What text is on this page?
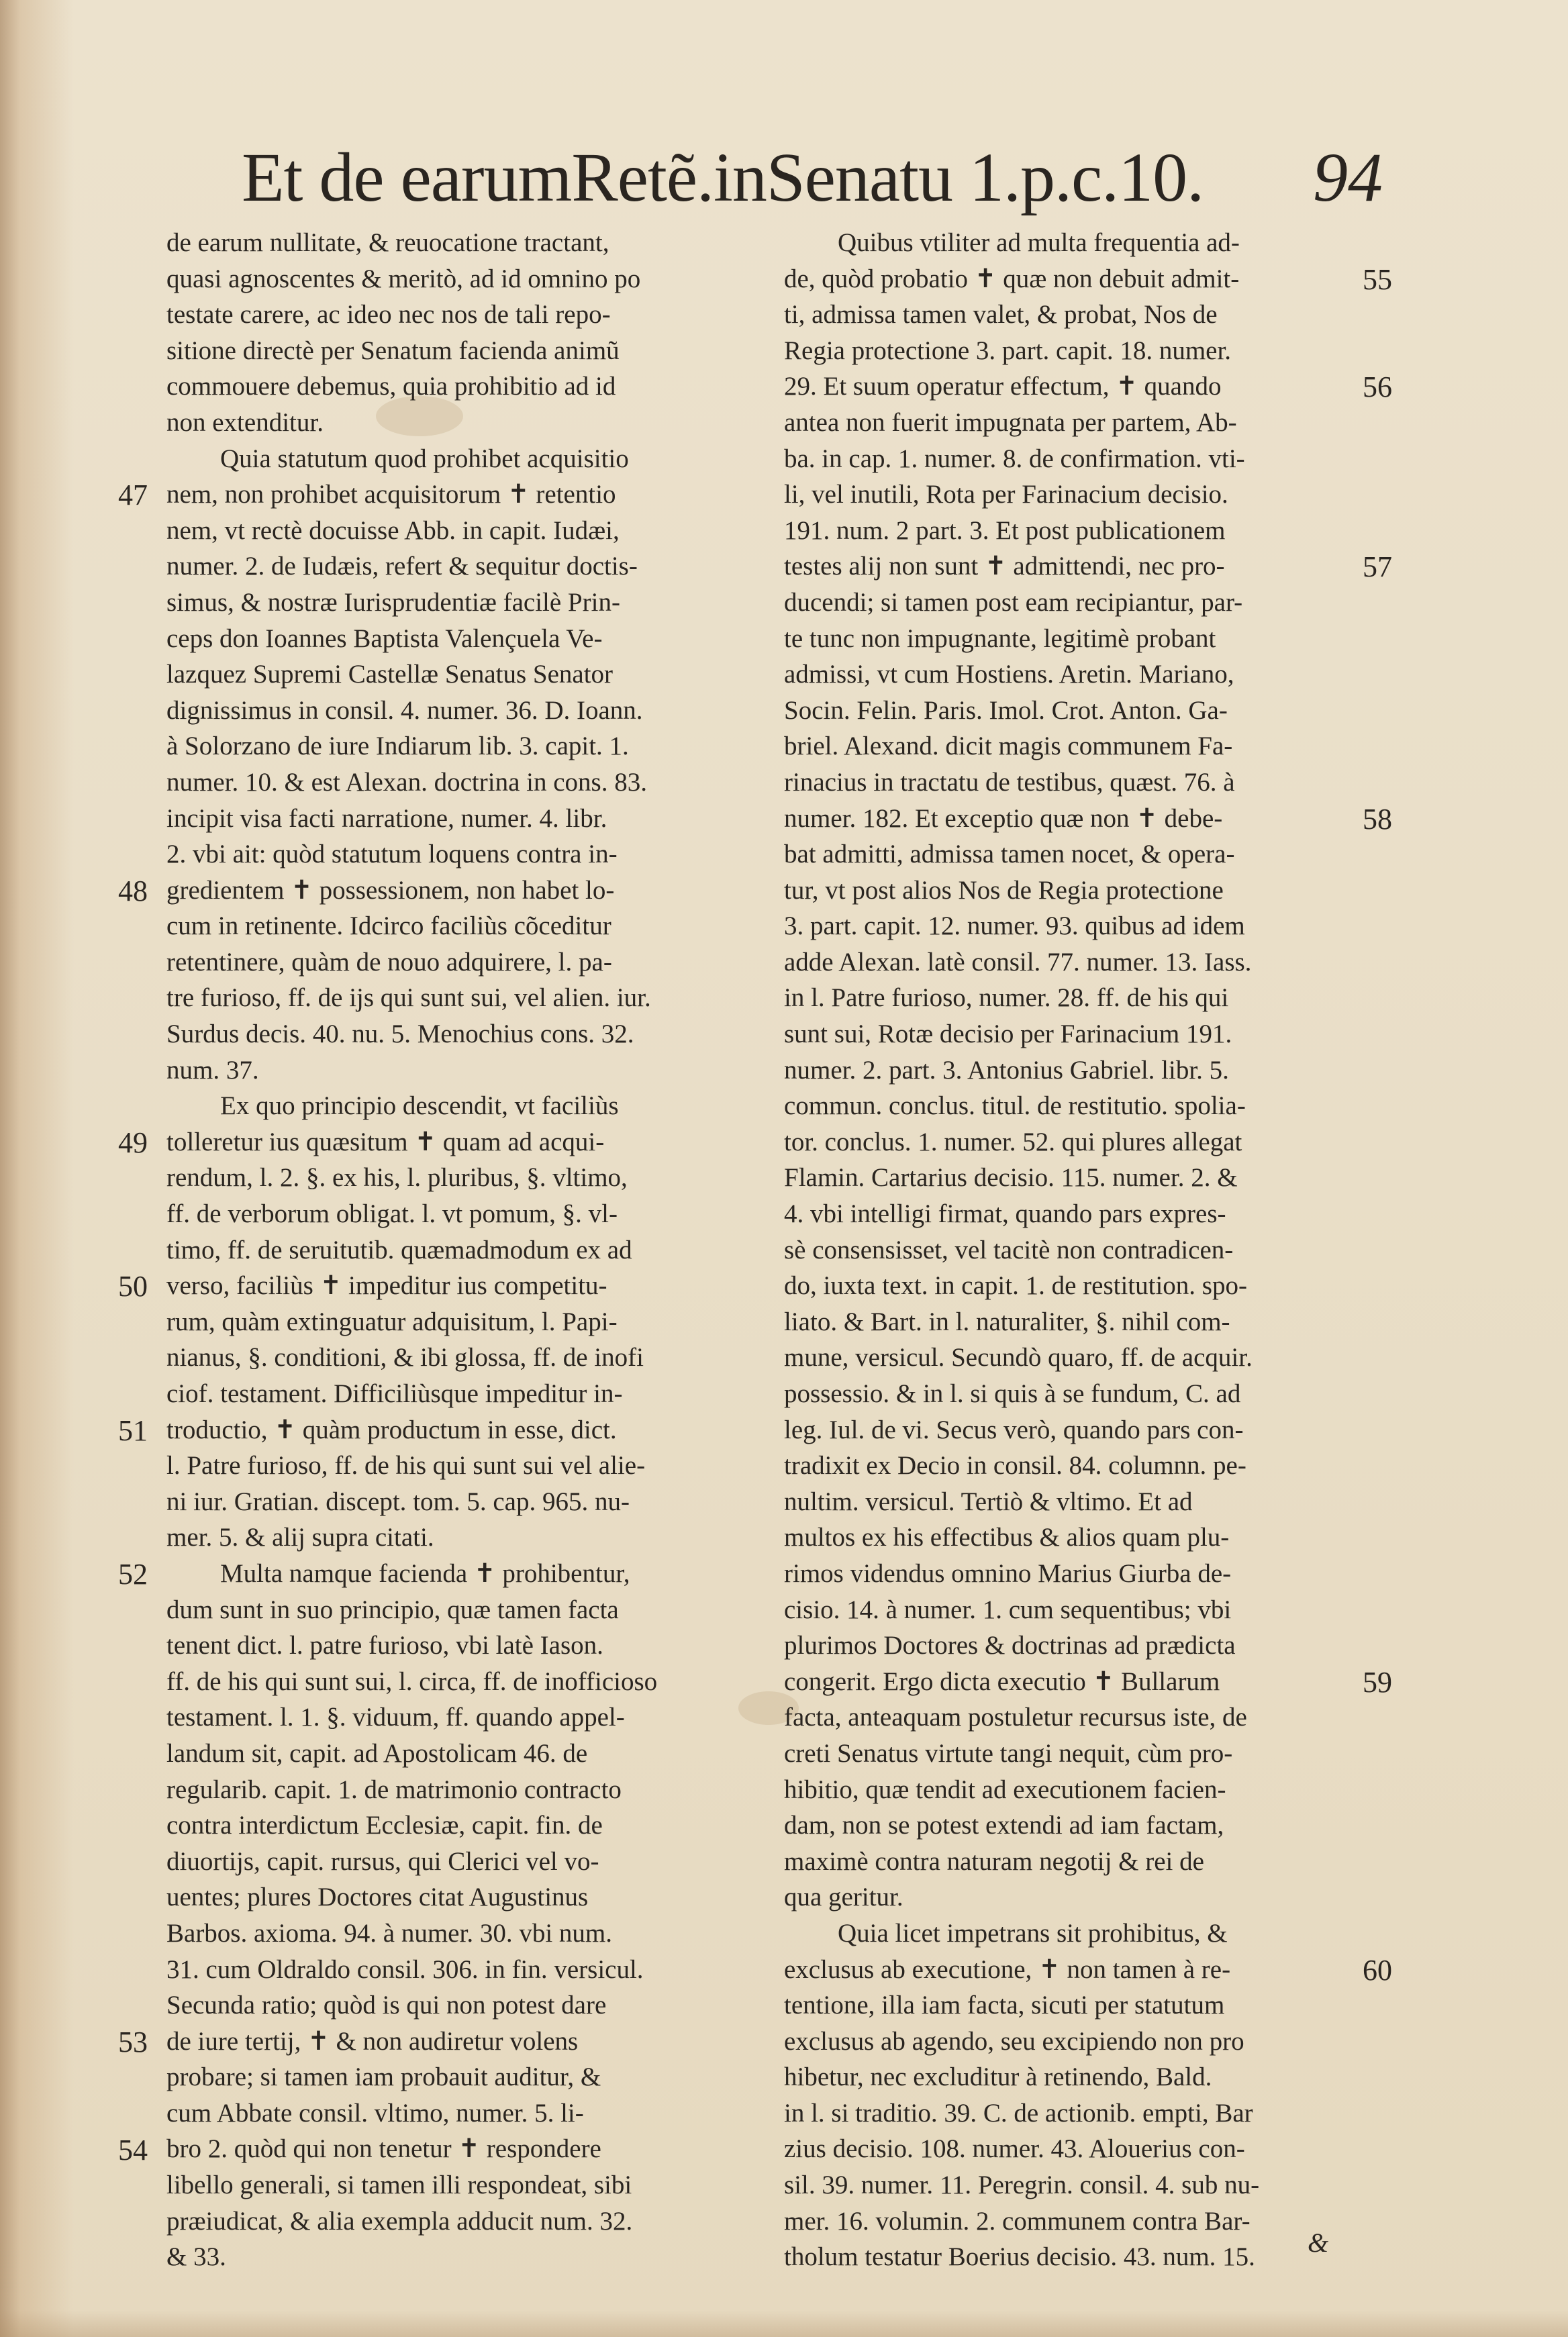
Et de earumRetẽ.inSenatu 1.p.c.10. 94
de earum nullitate, & reuocatione tractant,
quasi agnoscentes & meritò, ad id omnino po
testate carere, ac ideo nec nos de tali repo-
sitione directè per Senatum facienda animũ
commouere debemus, quia prohibitio ad id
non extenditur.
Quia statutum quod prohibet acquisitio
nem, non prohibet acquisitorum ✝ retentio
nem, vt rectè docuisse Abb. in capit. Iudæi,
numer. 2. de Iudæis, refert & sequitur doctis-
simus, & nostræ Iurisprudentiæ facilè Prin-
ceps don Ioannes Baptista Valençuela Ve-
lazquez Supremi Castellæ Senatus Senator
dignissimus in consil. 4. numer. 36. D. Ioann.
à Solorzano de iure Indiarum lib. 3. capit. 1.
numer. 10. & est Alexan. doctrina in cons. 83.
incipit visa facti narratione, numer. 4. libr.
2. vbi ait: quòd statutum loquens contra in-
gredientem ✝ possessionem, non habet lo-
cum in retinente. Idcirco faciliùs cõceditur
retentinere, quàm de nouo adquirere, l. pa-
tre furioso, ff. de ijs qui sunt sui, vel alien. iur.
Surdus decis. 40. nu. 5. Menochius cons. 32.
num. 37.
Ex quo principio descendit, vt faciliùs
tolleretur ius quæsitum ✝ quam ad acqui-
rendum, l. 2. §. ex his, l. pluribus, §. vltimo,
ff. de verborum obligat. l. vt pomum, §. vl-
timo, ff. de seruitutib. quæmadmodum ex ad
verso, faciliùs ✝ impeditur ius competitu-
rum, quàm extinguatur adquisitum, l. Papi-
nianus, §. conditioni, & ibi glossa, ff. de inofi
ciof. testament. Difficiliùsque impeditur in-
troductio, ✝ quàm productum in esse, dict.
l. Patre furioso, ff. de his qui sunt sui vel alie-
ni iur. Gratian. discept. tom. 5. cap. 965. nu-
mer. 5. & alij supra citati.
Multa namque facienda ✝ prohibentur,
dum sunt in suo principio, quæ tamen facta
tenent dict. l. patre furioso, vbi latè Iason.
ff. de his qui sunt sui, l. circa, ff. de inofficioso
testament. l. 1. §. viduum, ff. quando appel-
landum sit, capit. ad Apostolicam 46. de
regularib. capit. 1. de matrimonio contracto
contra interdictum Ecclesiæ, capit. fin. de
diuortijs, capit. rursus, qui Clerici vel vo-
uentes; plures Doctores citat Augustinus
Barbos. axioma. 94. à numer. 30. vbi num.
31. cum Oldraldo consil. 306. in fin. versicul.
Secunda ratio; quòd is qui non potest dare
de iure tertij, ✝ & non audiretur volens
probare; si tamen iam probauit auditur, &
cum Abbate consil. vltimo, numer. 5. li-
bro 2. quòd qui non tenetur ✝ respondere
libello generali, si tamen illi respondeat, sibi
præiudicat, & alia exempla adducit num. 32.
& 33.
Quibus vtiliter ad multa frequentia ad-
de, quòd probatio ✝ quæ non debuit admit-
ti, admissa tamen valet, & probat, Nos de
Regia protectione 3. part. capit. 18. numer.
29. Et suum operatur effectum, ✝ quando
antea non fuerit impugnata per partem, Ab-
ba. in cap. 1. numer. 8. de confirmation. vti-
li, vel inutili, Rota per Farinacium decisio.
191. num. 2 part. 3. Et post publicationem
testes alij non sunt ✝ admittendi, nec pro-
ducendi; si tamen post eam recipiantur, par-
te tunc non impugnante, legitimè probant
admissi, vt cum Hostiens. Aretin. Mariano,
Socin. Felin. Paris. Imol. Crot. Anton. Ga-
briel. Alexand. dicit magis communem Fa-
rinacius in tractatu de testibus, quæst. 76. à
numer. 182. Et exceptio quæ non ✝ debe-
bat admitti, admissa tamen nocet, & opera-
tur, vt post alios Nos de Regia protectione
3. part. capit. 12. numer. 93. quibus ad idem
adde Alexan. latè consil. 77. numer. 13. Iass.
in l. Patre furioso, numer. 28. ff. de his qui
sunt sui, Rotæ decisio per Farinacium 191.
numer. 2. part. 3. Antonius Gabriel. libr. 5.
commun. conclus. titul. de restitutio. spolia-
tor. conclus. 1. numer. 52. qui plures allegat
Flamin. Cartarius decisio. 115. numer. 2. &
4. vbi intelligi firmat, quando pars expres-
sè consensisset, vel tacitè non contradicen-
do, iuxta text. in capit. 1. de restitution. spo-
liato. & Bart. in l. naturaliter, §. nihil com-
mune, versicul. Secundò quaro, ff. de acquir.
possessio. & in l. si quis à se fundum, C. ad
leg. Iul. de vi. Secus verò, quando pars con-
tradixit ex Decio in consil. 84. columnn. pe-
nultim. versicul. Tertiò & vltimo. Et ad
multos ex his effectibus & alios quam plu-
rimos videndus omnino Marius Giurba de-
cisio. 14. à numer. 1. cum sequentibus; vbi
plurimos Doctores & doctrinas ad prædicta
congerit. Ergo dicta executio ✝ Bullarum
facta, anteaquam postuletur recursus iste, de
creti Senatus virtute tangi nequit, cùm pro-
hibitio, quæ tendit ad executionem facien-
dam, non se potest extendi ad iam factam,
maximè contra naturam negotij & rei de
qua geritur.
Quia licet impetrans sit prohibitus, &
exclusus ab executione, ✝ non tamen à re-
tentione, illa iam facta, sicuti per statutum
exclusus ab agendo, seu excipiendo non pro
hibetur, nec excluditur à retinendo, Bald.
in l. si traditio. 39. C. de actionib. empti, Bar
zius decisio. 108. numer. 43. Alouerius con-
sil. 39. numer. 11. Peregrin. consil. 4. sub nu-
mer. 16. volumin. 2. communem contra Bar-
tholum testatur Boerius decisio. 43. num. 15.
47
48
49
50
51
52
53
54
55
56
57
58
59
60
&
